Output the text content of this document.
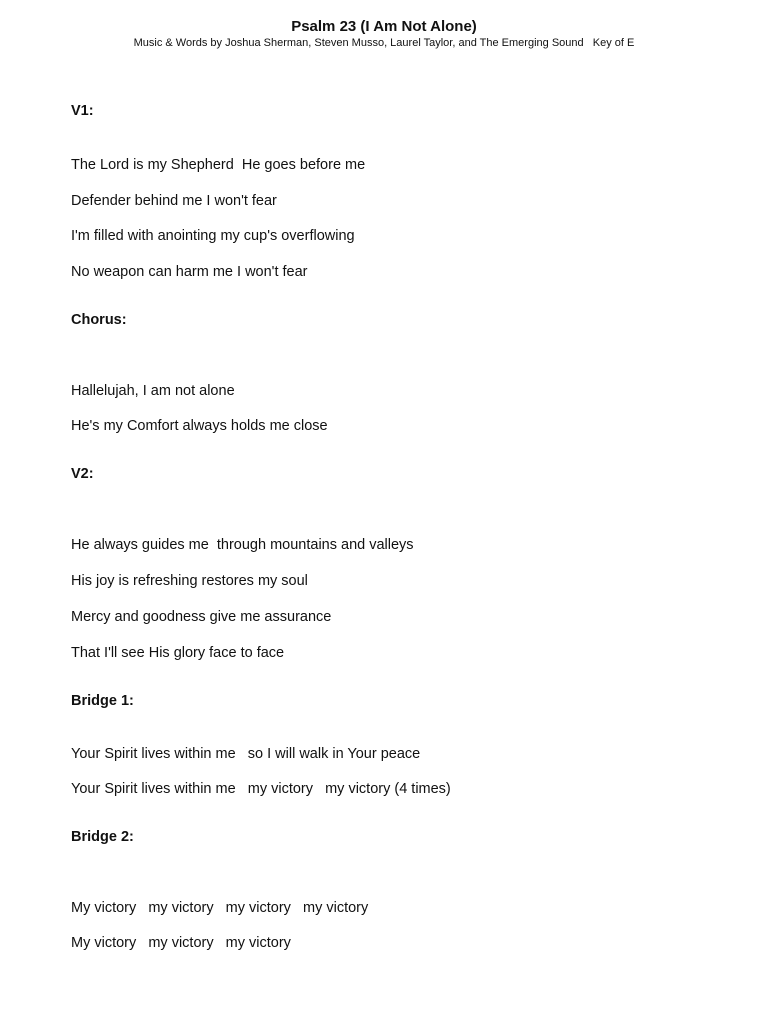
Psalm 23 (I Am Not Alone)
Music & Words by Joshua Sherman, Steven Musso, Laurel Taylor, and The Emerging Sound   Key of E
V1:
The Lord is my Shepherd  He goes before me
Defender behind me I won't fear
I'm filled with anointing my cup's overflowing
No weapon can harm me I won't fear
Chorus:
Hallelujah, I am not alone
He's my Comfort always holds me close
V2:
He always guides me  through mountains and valleys
His joy is refreshing restores my soul
Mercy and goodness give me assurance
That I'll see His glory face to face
Bridge 1:
Your Spirit lives within me   so I will walk in Your peace
Your Spirit lives within me   my victory   my victory (4 times)
Bridge 2:
My victory   my victory   my victory   my victory
My victory   my victory   my victory
